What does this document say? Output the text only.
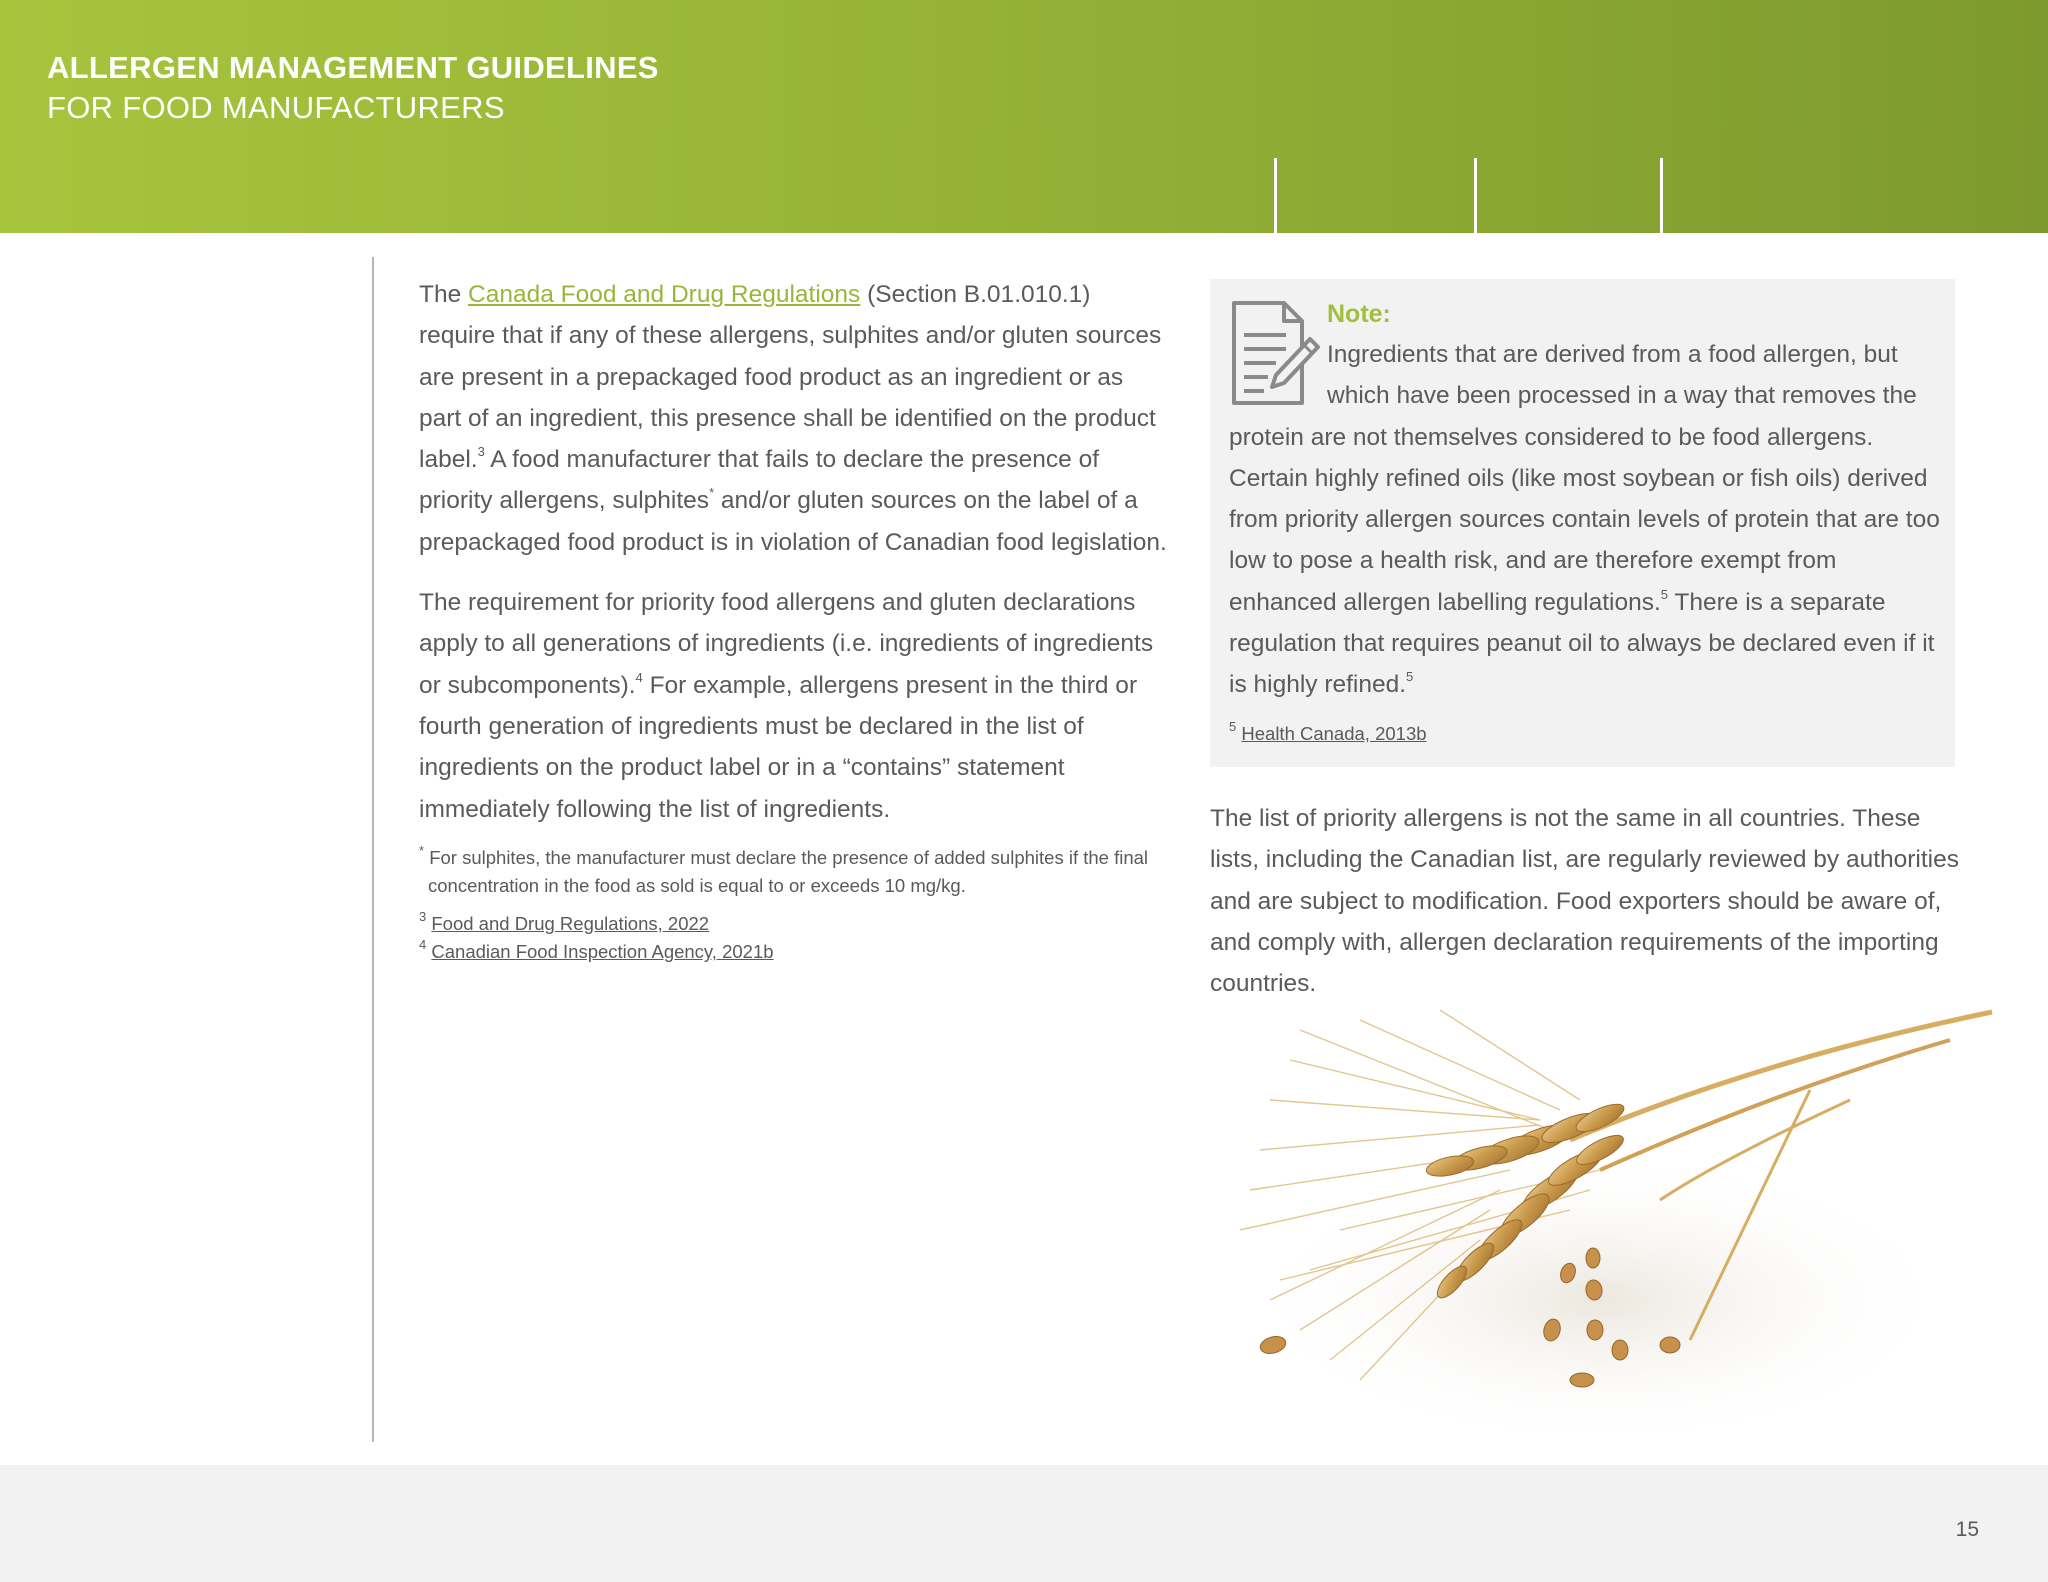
ALLERGEN MANAGEMENT GUIDELINES
FOR FOOD MANUFACTURERS

The Canada Food and Drug Regulations (Section B.01.010.1) require that if any of these allergens, sulphites and/or gluten sources are present in a prepackaged food product as an ingredient or as part of an ingredient, this presence shall be identified on the product label.$^3$ A food manufacturer that fails to declare the presence of priority allergens, sulphites* and/or gluten sources on the label of a prepackaged food product is in violation of Canadian food legislation.

The requirement for priority food allergens and gluten declarations apply to all generations of ingredients (i.e. ingredients of ingredients or subcomponents).$^4$ For example, allergens present in the third or fourth generation of ingredients must be declared in the list of ingredients on the product label or in a “contains” statement immediately following the list of ingredients.

* For sulphites, the manufacturer must declare the presence of added sulphites if the final concentration in the food as sold is equal to or exceeds 10 mg/kg.
$^3$ Food and Drug Regulations, 2022
$^4$ Canadian Food Inspection Agency, 2021b
Note:
Ingredients that are derived from a food allergen, but which have been processed in a way that removes the protein are not themselves considered to be food allergens. Certain highly refined oils (like most soybean or fish oils) derived from priority allergen sources contain levels of protein that are too low to pose a health risk, and are therefore exempt from enhanced allergen labelling regulations.$^5$ There is a separate regulation that requires peanut oil to always be declared even if it is highly refined.$^5$
$^5$ Health Canada, 2013b

The list of priority allergens is not the same in all countries. These lists, including the Canadian list, are regularly reviewed by authorities and are subject to modification. Food exporters should be aware of, and comply with, allergen declaration requirements of the importing countries.

15
